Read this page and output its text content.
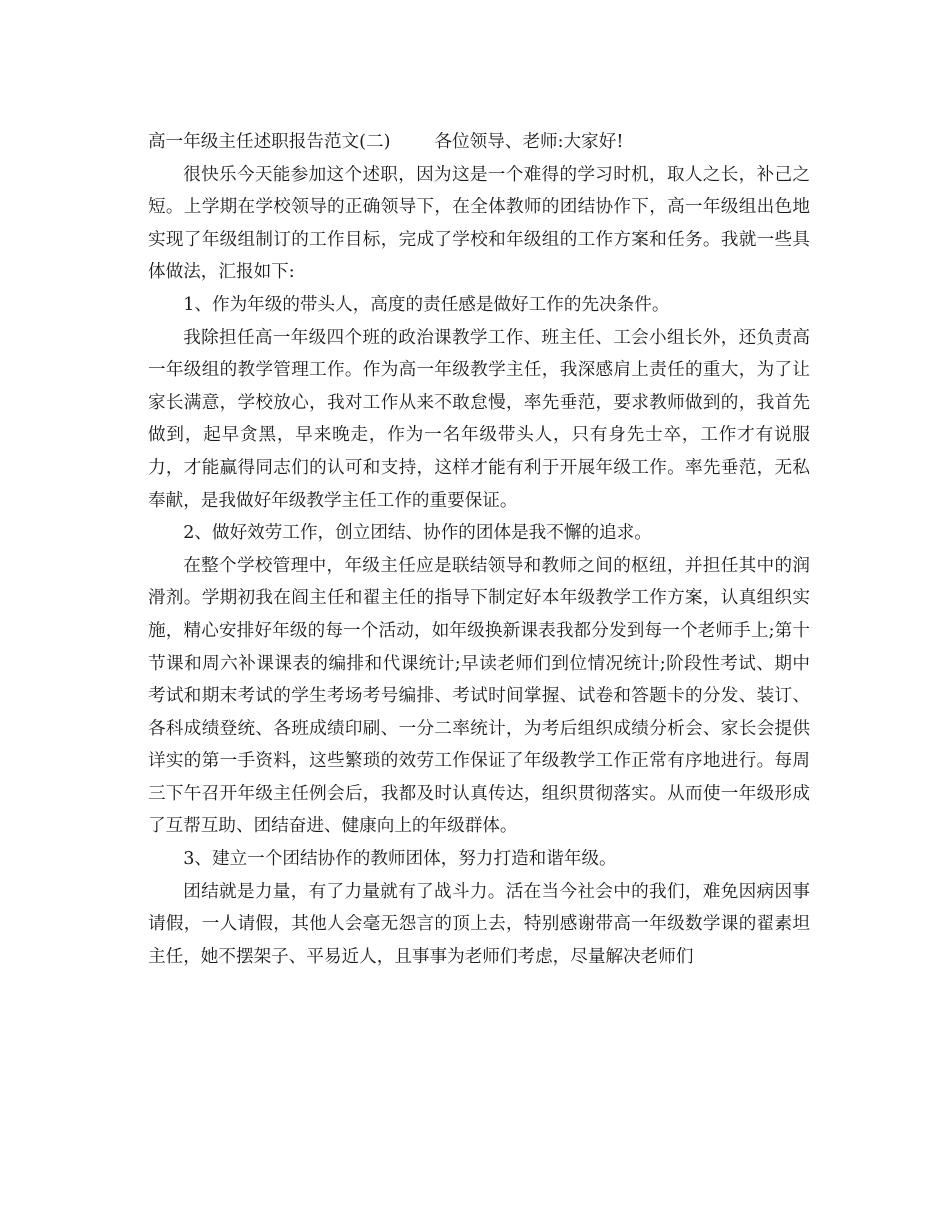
高一年级主任述职报告范文(二)	各位领导、老师:大家好!

很快乐今天能参加这个述职，因为这是一个难得的学习时机，取人之长，补己之短。上学期在学校领导的正确领导下，在全体教师的团结协作下，高一年级组出色地实现了年级组制订的工作目标，完成了学校和年级组的工作方案和任务。我就一些具体做法，汇报如下:

1、作为年级的带头人，高度的责任感是做好工作的先决条件。

我除担任高一年级四个班的政治课教学工作、班主任、工会小组长外，还负责高一年级组的教学管理工作。作为高一年级教学主任，我深感肩上责任的重大，为了让家长满意，学校放心，我对工作从来不敢怠慢，率先垂范，要求教师做到的，我首先做到，起早贪黑，早来晚走，作为一名年级带头人，只有身先士卒，工作才有说服力，才能赢得同志们的认可和支持，这样才能有利于开展年级工作。率先垂范，无私奉献，是我做好年级教学主任工作的重要保证。

2、做好效劳工作，创立团结、协作的团体是我不懈的追求。

在整个学校管理中，年级主任应是联结领导和教师之间的枢纽，并担任其中的润滑剂。学期初我在阎主任和翟主任的指导下制定好本年级教学工作方案，认真组织实施，精心安排好年级的每一个活动，如年级换新课表我都分发到每一个老师手上;第十节课和周六补课课表的编排和代课统计;早读老师们到位情况统计;阶段性考试、期中考试和期末考试的学生考场考号编排、考试时间掌握、试卷和答题卡的分发、装订、各科成绩登统、各班成绩印刷、一分二率统计，为考后组织成绩分析会、家长会提供详实的第一手资料，这些繁琐的效劳工作保证了年级教学工作正常有序地进行。每周三下午召开年级主任例会后，我都及时认真传达，组织贯彻落实。从而使一年级形成了互帮互助、团结奋进、健康向上的年级群体。

3、建立一个团结协作的教师团体，努力打造和谐年级。

团结就是力量，有了力量就有了战斗力。活在当今社会中的我们，难免因病因事请假，一人请假，其他人会毫无怨言的顶上去，特别感谢带高一年级数学课的翟素坦主任，她不摆架子、平易近人，且事事为老师们考虑，尽量解决老师们
